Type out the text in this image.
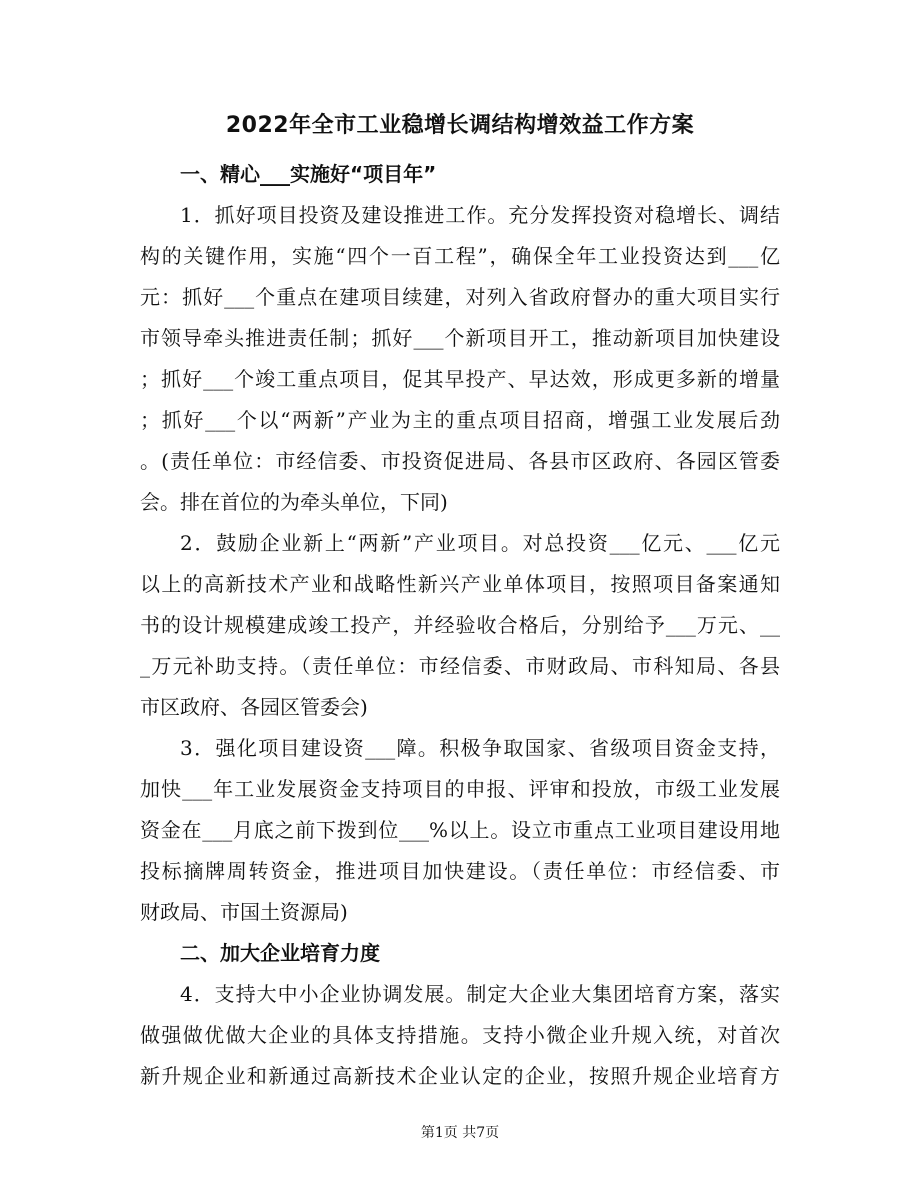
2022年全市工业稳增长调结构增效益工作方案

一、精心___实施好“项目年”

1．抓好项目投资及建设推进工作。充分发挥投资对稳增长、调结

构的关键作用，实施“四个一百工程”，确保全年工业投资达到___亿

元：抓好___个重点在建项目续建，对列入省政府督办的重大项目实行

市领导牵头推进责任制；抓好___个新项目开工，推动新项目加快建设

；抓好___个竣工重点项目，促其早投产、早达效，形成更多新的增量

；抓好___个以“两新”产业为主的重点项目招商，增强工业发展后劲

。(责任单位：市经信委、市投资促进局、各县市区政府、各园区管委

会。排在首位的为牵头单位，下同)

2．鼓励企业新上“两新”产业项目。对总投资___亿元、___亿元

以上的高新技术产业和战略性新兴产业单体项目，按照项目备案通知

书的设计规模建成竣工投产，并经验收合格后，分别给予___万元、__

_万元补助支持。（责任单位：市经信委、市财政局、市科知局、各县

市区政府、各园区管委会)

3．强化项目建设资___障。积极争取国家、省级项目资金支持，

加快___年工业发展资金支持项目的申报、评审和投放，市级工业发展

资金在___月底之前下拨到位___%以上。设立市重点工业项目建设用地

投标摘牌周转资金，推进项目加快建设。（责任单位：市经信委、市

财政局、市国土资源局)

二、加大企业培育力度

4．支持大中小企业协调发展。制定大企业大集团培育方案，落实

做强做优做大企业的具体支持措施。支持小微企业升规入统，对首次

新升规企业和新通过高新技术企业认定的企业，按照升规企业培育方

第1页 共7页
